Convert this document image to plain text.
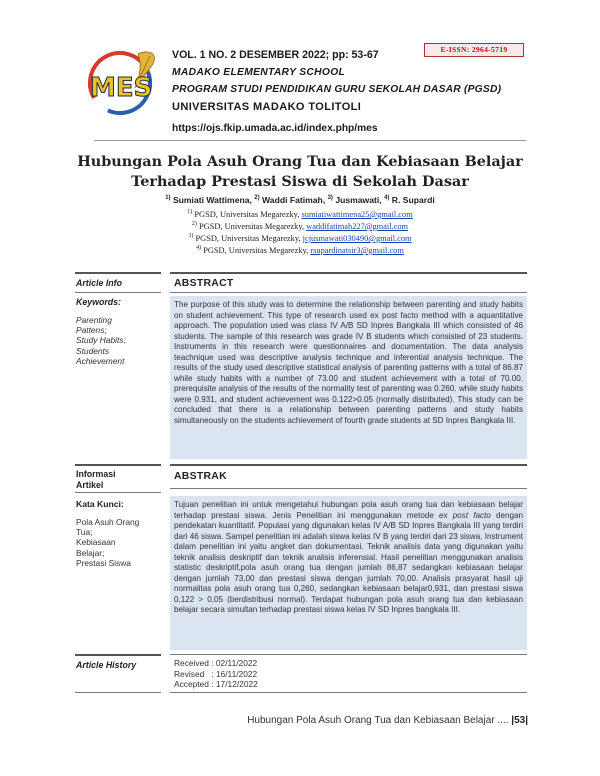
MES
VOL. 1 NO. 2 DESEMBER 2022; pp: 53-67	E-ISSN: 2964-5719
MADAKO ELEMENTARY SCHOOL
PROGRAM STUDI PENDIDIKAN GURU SEKOLAH DASAR (PGSD)
UNIVERSITAS MADAKO TOLITOLI
https://ojs.fkip.umada.ac.id/index.php/mes
Hubungan Pola Asuh Orang Tua dan Kebiasaan Belajar
Terhadap Prestasi Siswa di Sekolah Dasar
$^{1)}$ Sumiati Wattimena, $^{2)}$ Waddi Fatimah, $^{3)}$ Jusmawati, $^{4)}$ R. Supardi
$^{1)}$ PGSD, Universitas Megarezky, sumiatiwattimena25@gmail.com
$^{2)}$ PGSD, Universitas Megarezky, waddifatimah227@gmail.com
$^{3)}$ PGSD, Universitas Megarezky, jcjusmawati030490@gmail.com
$^{4)}$ PGSD, Universitas Megarezky, rsupardinatsir3@gmail.com
Article Info	ABSTRACT
Keywords:
Parenting
Pattens;
Study Habits;
Students
Achievement
The purpose of this study was to determine the relationship between parenting and study habits on student achievement. This type of research used ex post facto method with a aquantitative approach. The population used was class IV A/B SD Inpres Bangkala III which consisted of 46 students. The sample of this research was grade IV B students which consisted of 23 students. Instruments in this research were questionnaires and documentation. The data analysis teachnique used was descriptive analysis technique and inferential analysis technique. The results of the study used descriptive statistical analysis of parenting patterns with a total of 86.87 while study habits with a number of 73.00 and student achievement with a total of 70.00. prerequisite analysis of the results of the normality test of parenting was 0.260. while study habits were 0.931, and student achievement was 0.122>0.05 (normally distributed). This study can be concluded that there is a relationship between parenting patterns and study habits simultaneously on the students achievement of fourth grade students at SD Inpres Bangkala III.
Informasi
Artikel
ABSTRAK
Kata Kunci:
Pola Asuh Orang
Tua;
Kebiasaan
Belajar;
Prestasi Siswa
Tujuan penelitian ini untuk mengetahui hubungan pola asuh orang tua dan kebiasaan belajar terhadap prestasi siswa. Jenis Penelitian ini menggunakan metode ex post facto dengan pendekatan kuantitatif. Populasi yang digunakan kelas IV A/B SD Inpres Bangkala III yang terdiri dari 46 siswa. Sampel penelitian ini adalah siswa kelas IV B yang terdiri dari 23 siswa. Instrument dalam penelitian ini yaitu angket dan dokumentasi. Teknik analisis data yang digunakan yaitu teknik analisis deskriptif dan teknik analisis inferensial. Hasil penelitian menggunakan analisis statistic deskriptif,pola asuh orang tua dengan jumlah 86,87 sedangkan kebiasaan belajar dengan jumlah 73,00 dan prestasi siswa dengan jumlah 70,00. Analisis prasyarat hasil uji normalitas pola asuh orang tua 0,260, sedangkan kebiasaan belajar0,931, dan prestasi siswa 0,122 > 0,05 (berdistribusi normal). Terdapat hubungan pola asuh orang tua dan kebiasaan belajar secara simultan terhadap prestasi siswa kelas IV SD Inpres bangkala III.
Article History	Received : 02/11/2022
Revised   : 16/11/2022
Accepted : 17/12/2022
Hubungan Pola Asuh Orang Tua dan Kebiasaan Belajar .... |53|
